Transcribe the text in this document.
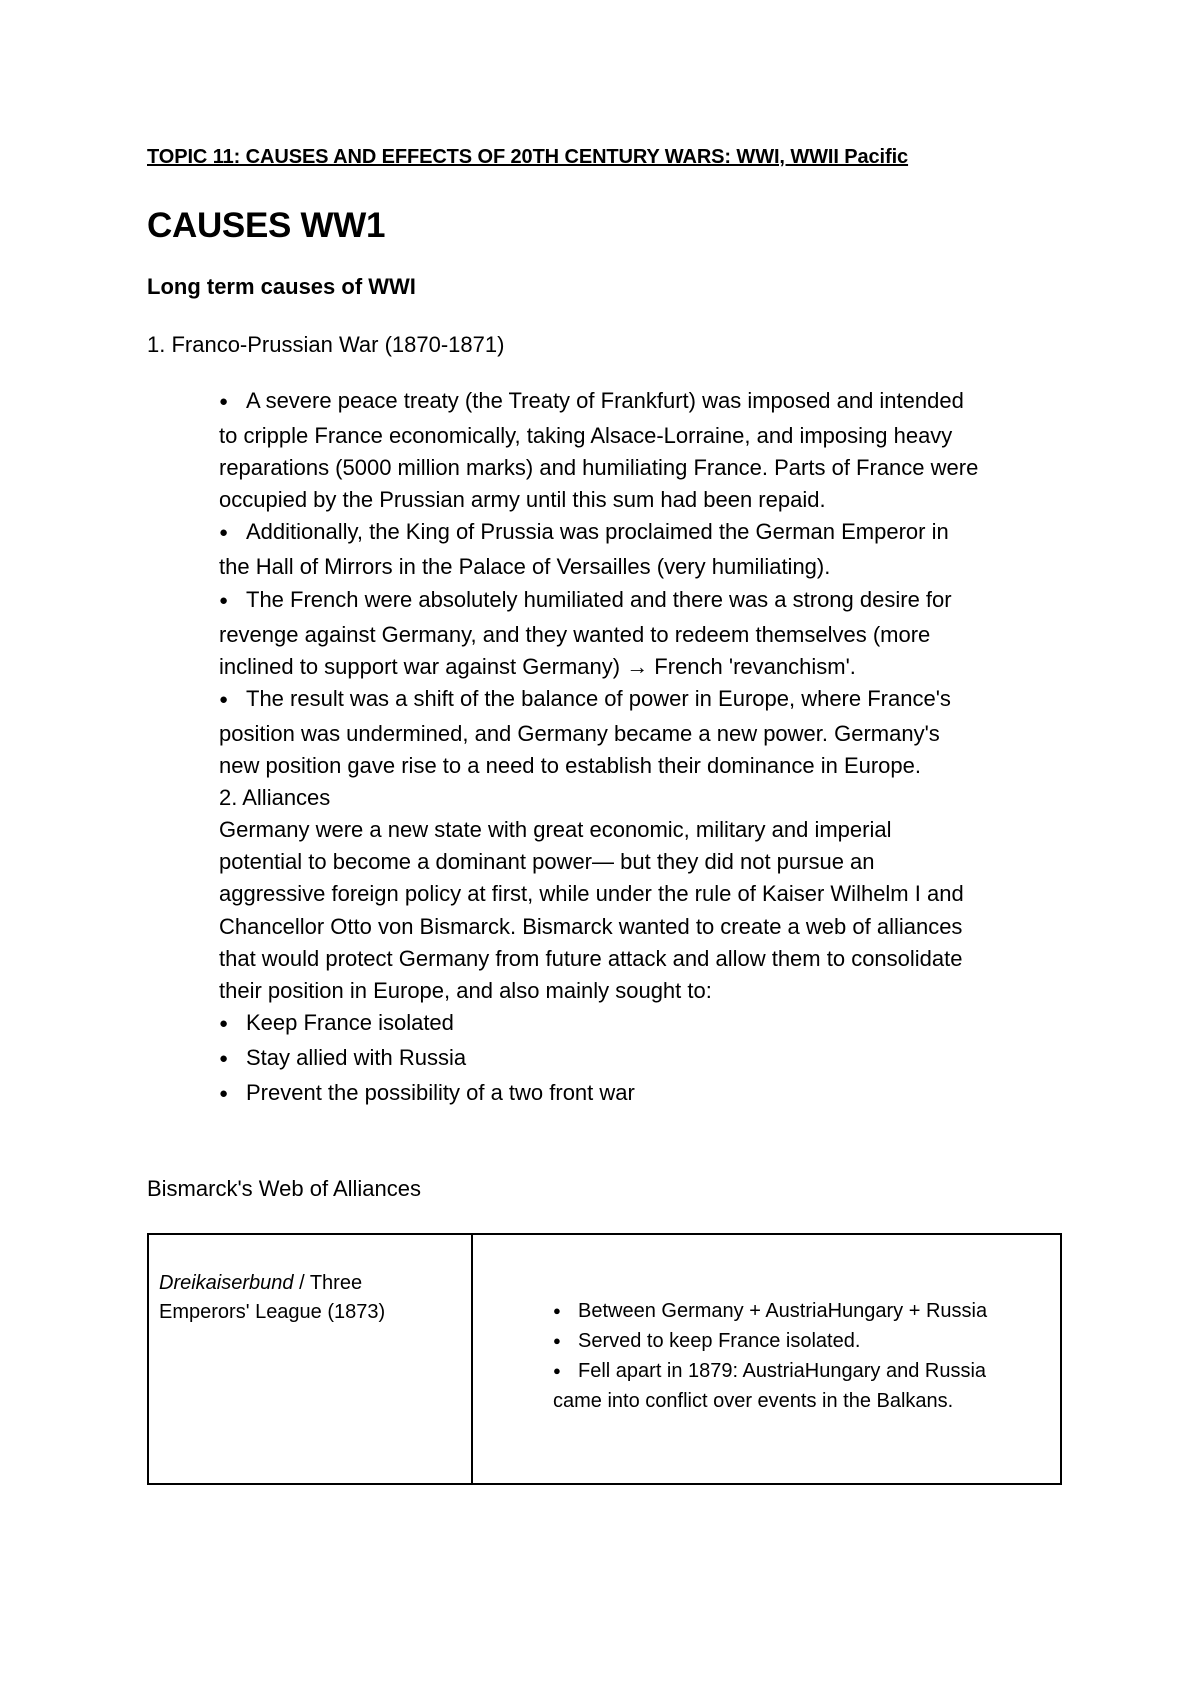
TOPIC 11: CAUSES AND EFFECTS OF 20TH CENTURY WARS: WWI, WWII Pacific
CAUSES WW1
Long term causes of WWI
1. Franco-Prussian War (1870-1871)
●A severe peace treaty (the Treaty of Frankfurt) was imposed and intended
to cripple France economically, taking Alsace-Lorraine, and imposing heavy
reparations (5000 million marks) and humiliating France. Parts of France were
occupied by the Prussian army until this sum had been repaid.
●Additionally, the King of Prussia was proclaimed the German Emperor in
the Hall of Mirrors in the Palace of Versailles (very humiliating).
●The French were absolutely humiliated and there was a strong desire for
revenge against Germany, and they wanted to redeem themselves (more
inclined to support war against Germany) → French 'revanchism'.
●The result was a shift of the balance of power in Europe, where France's
position was undermined, and Germany became a new power. Germany's
new position gave rise to a need to establish their dominance in Europe.
2. Alliances
Germany were a new state with great economic, military and imperial
potential to become a dominant power— but they did not pursue an
aggressive foreign policy at first, while under the rule of Kaiser Wilhelm I and
Chancellor Otto von Bismarck. Bismarck wanted to create a web of alliances
that would protect Germany from future attack and allow them to consolidate
their position in Europe, and also mainly sought to:
●Keep France isolated
●Stay allied with Russia
●Prevent the possibility of a two front war
Bismarck's Web of Alliances
Dreikaiserbund / Three
Emperors' League (1873)
●	Between Germany + AustriaHungary + Russia
●Served to keep France isolated.
●Fell apart in 1879: AustriaHungary and Russia
came into conflict over events in the Balkans.
